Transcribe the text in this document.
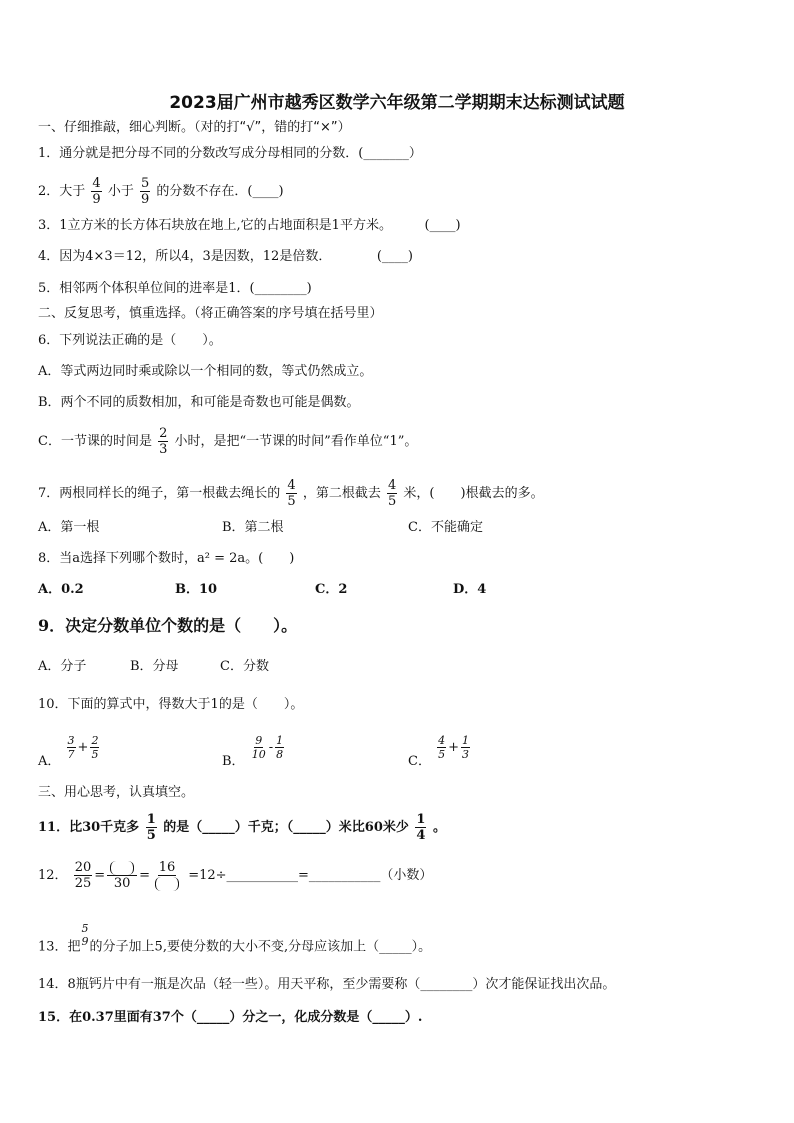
2023届广州市越秀区数学六年级第二学期期末达标测试试题
一、仔细推敲，细心判断。（对的打“√”，错的打“×”）
1．通分就是把分母不同的分数改写成分母相同的分数．(_______）
2．大于 $\frac{4}{9}$ 小于 $\frac{5}{9}$ 的分数不存在．(____)
3．1立方米的长方体石块放在地上,它的占地面积是1平方米。　　　(____)
4．因为4×3＝12，所以4，3是因数，12是倍数．　　　　(____)
5．相邻两个体积单位间的进率是1．(________)
二、反复思考，慎重选择。（将正确答案的序号填在括号里）
6．下列说法正确的是（　　）。
A．等式两边同时乘或除以一个相同的数，等式仍然成立。
B．两个不同的质数相加，和可能是奇数也可能是偶数。
C．一节课的时间是 $\frac{2}{3}$ 小时，是把“一节课的时间”看作单位“1”。
7．两根同样长的绳子，第一根截去绳长的 $\frac{4}{5}$ ，第二根截去 $\frac{4}{5}$ 米，(　　)根截去的多。
A．第一根	B．第二根	C．不能确定
8．当a选择下列哪个数时，a² = 2a。(　　)
A．0.2	B．10	C．2	D．4
9．决定分数单位个数的是（　　）。
A．分子	B．分母	C．分数
10．下面的算式中，得数大于1的是（　　）。
A．
$\frac{3}{7} + \frac{2}{5}$
B．
$\frac{9}{10} - \frac{1}{8}$
C．
$\frac{4}{5} + \frac{1}{3}$
三、用心思考，认真填空。
11．比30千克多 $\frac{1}{5}$ 的是（_____）千克；（_____）米比60米少 $\frac{1}{4}$ 。
12． $\frac{20}{25}$ =
30
=
16
=12÷___________=___________（小数）
13．把
5
9 的分子加上5,要使分数的大小不变,分母应该加上（_____）。
14．8瓶钙片中有一瓶是次品（轻一些）。用天平称，至少需要称（________）次才能保证找出次品。
15．在0.37里面有37个（_____）分之一，化成分数是（_____）.
